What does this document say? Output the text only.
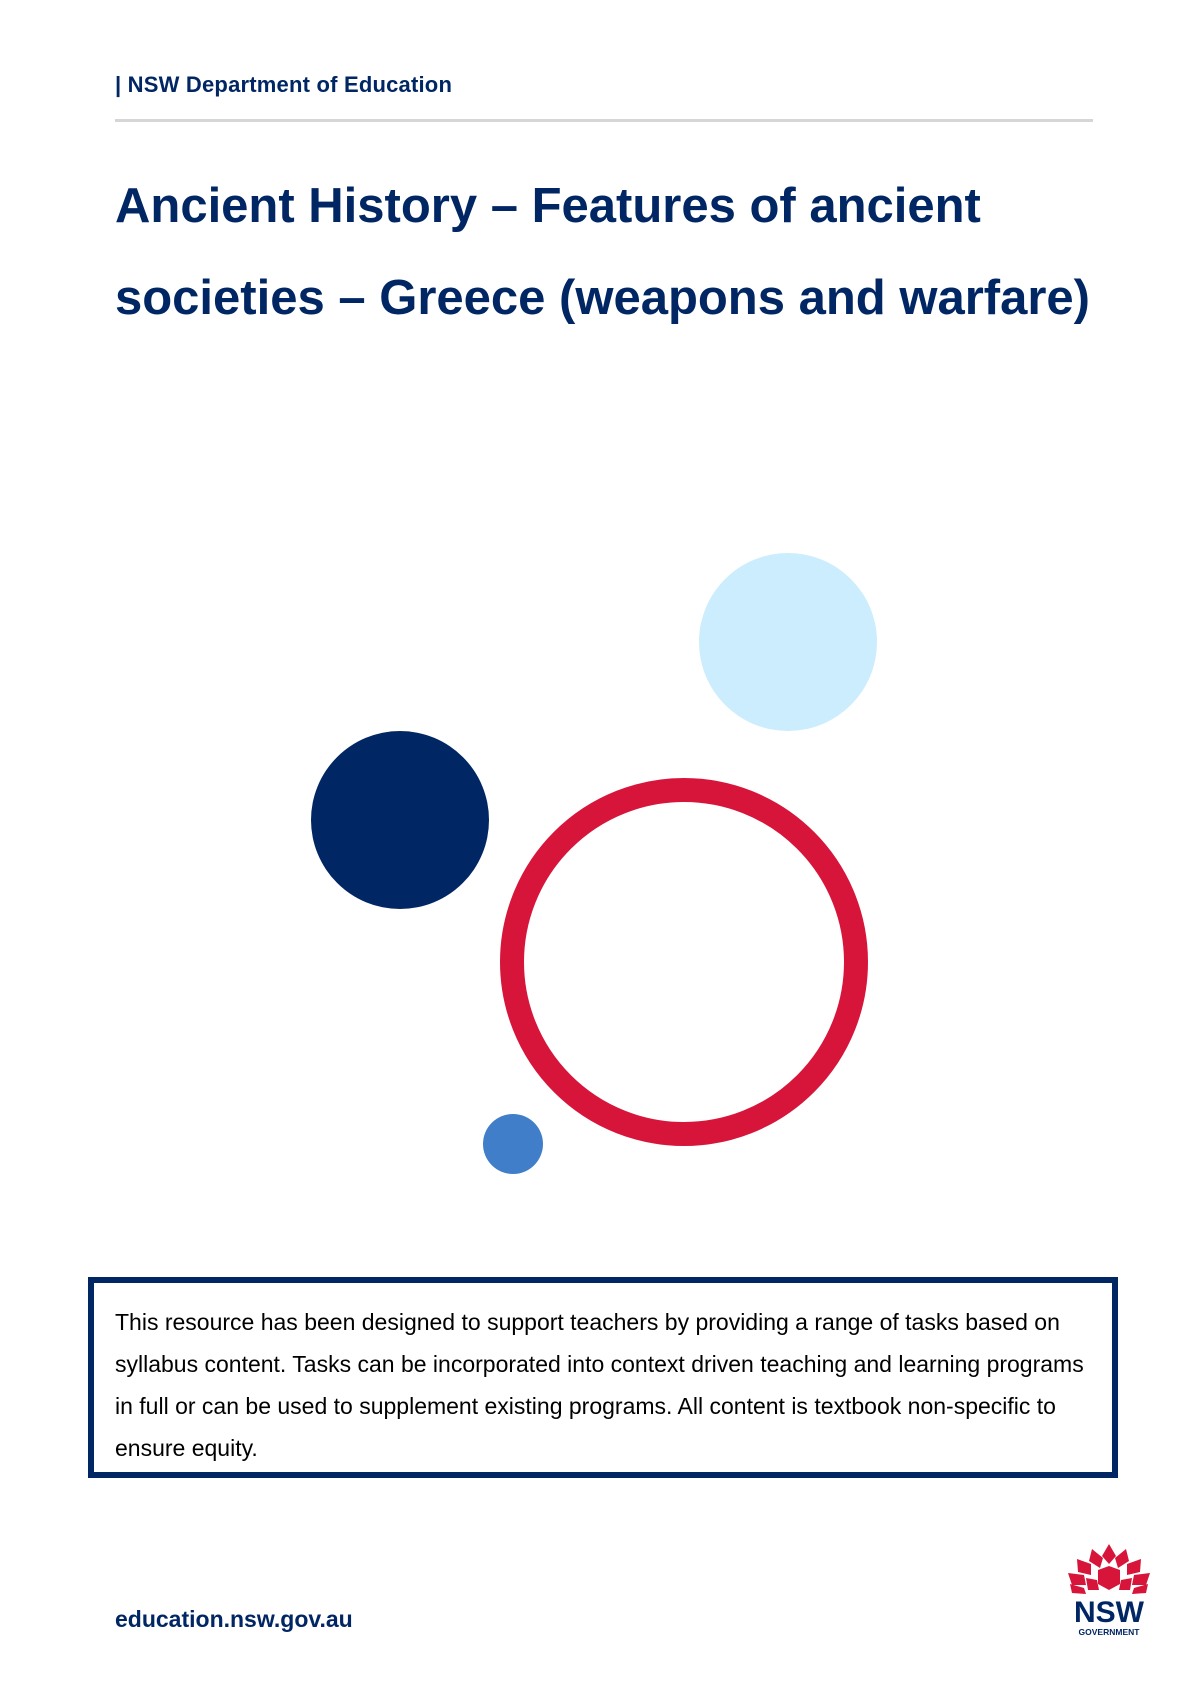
| NSW Department of Education
Ancient History – Features of ancient societies – Greece (weapons and warfare)

This resource has been designed to support teachers by providing a range of tasks based on syllabus content. Tasks can be incorporated into context driven teaching and learning programs in full or can be used to supplement existing programs. All content is textbook non-specific to ensure equity.

education.nsw.gov.au	NSW
GOVERNMENT
